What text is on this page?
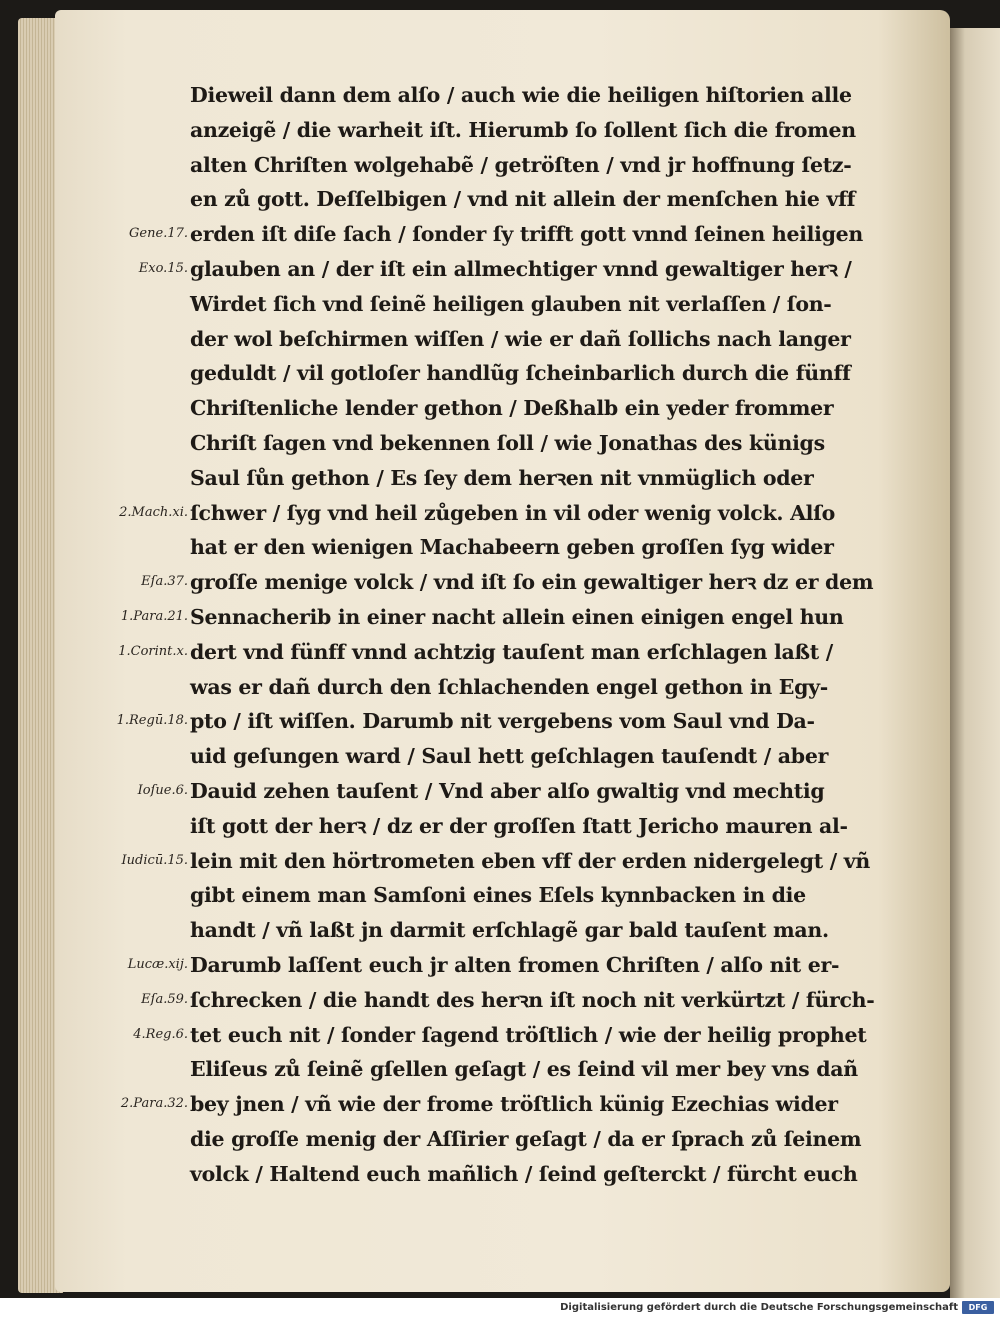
Gene.17.
Exo.15.
2.Mach.xi.
Eſa.37.
1.Para.21.
1.Corint.x.
1.Regū.18.
Ioſue.6.
Iudicū.15.
Lucæ.xij.
Eſa.59.
4.Reg.6.
2.Para.32.
Dieweil dann dem alſo / auch wie die heiligen hiſtorien alle
anzeigẽ / die warheit iſt. Hierumb ſo ſollent ſich die fromen
alten Chriſten wolgehabẽ / getröſten / vnd jr hoffnung ſetz-
en zů gott. Deſſelbigen / vnd nit allein der menſchen hie vff
erden iſt diſe ſach / ſonder ſy trifft gott vnnd ſeinen heiligen
glauben an / der iſt ein allmechtiger vnnd gewaltiger herꝛ /
Wirdet ſich vnd ſeinẽ heiligen glauben nit verlaſſen / ſon-
der wol beſchirmen wiſſen / wie er dañ ſollichs nach langer
geduldt / vil gotloſer handlũg ſcheinbarlich durch die fünff
Chriſtenliche lender gethon / Deßhalb ein yeder frommer
Chriſt ſagen vnd bekennen ſoll / wie Jonathas des künigs
Saul ſůn gethon / Es ſey dem herꝛen nit vnmüglich oder
ſchwer / ſyg vnd heil zůgeben in vil oder wenig volck. Alſo
hat er den wienigen Machabeern geben groſſen ſyg wider
groſſe menige volck / vnd iſt ſo ein gewaltiger herꝛ dz er dem
Sennacherib in einer nacht allein einen einigen engel hun
dert vnd fünff vnnd achtzig tauſent man erſchlagen laßt /
was er dañ durch den ſchlachenden engel gethon in Egy-
pto / iſt wiſſen. Darumb nit vergebens vom Saul vnd Da-
uid geſungen ward / Saul hett geſchlagen tauſendt / aber
Dauid zehen tauſent / Vnd aber alſo gwaltig vnd mechtig
iſt gott der herꝛ / dz er der groſſen ſtatt Jericho mauren al-
lein mit den hörtrometen eben vff der erden nidergelegt / vñ
gibt einem man Samſoni eines Eſels kynnbacken in die
handt / vñ laßt jn darmit erſchlagẽ gar bald tauſent man.
Darumb laſſent euch jr alten fromen Chriſten / alſo nit er-
ſchrecken / die handt des herꝛn iſt noch nit verkürtzt / fürch-
tet euch nit / ſonder ſagend tröſtlich / wie der heilig prophet
Eliſeus zů ſeinẽ gſellen geſagt / es ſeind vil mer bey vns dañ
bey jnen / vñ wie der frome tröſtlich künig Ezechias wider
die groſſe menig der Aſſirier geſagt / da er ſprach zů ſeinem
volck / Haltend euch mañlich / ſeind geſterckt / fürcht euch
Digitalisierung gefördert durch die Deutsche Forschungsgemeinschaft	DFG
